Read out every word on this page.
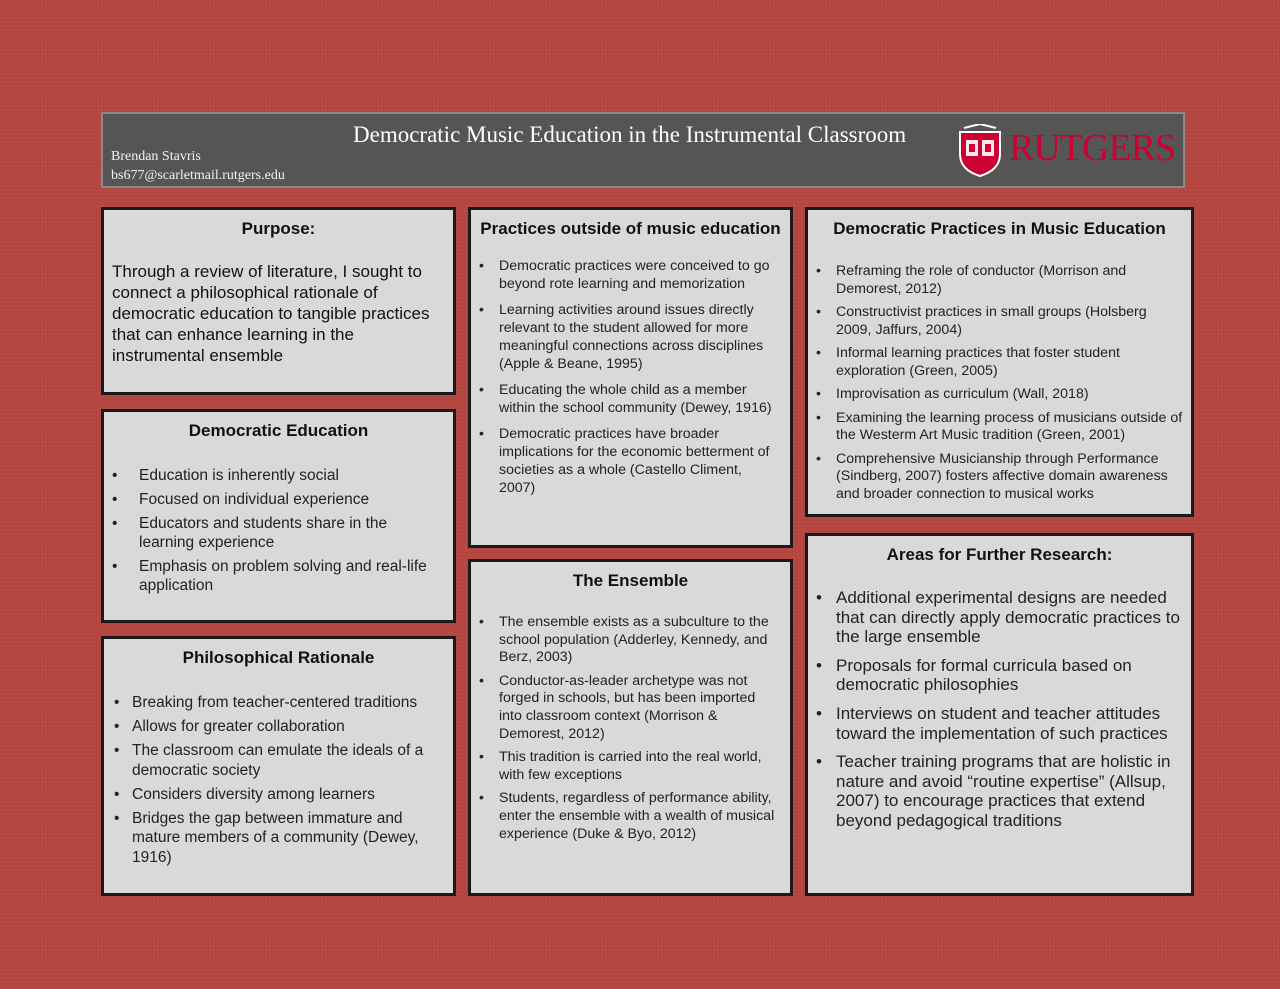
Democratic Music Education in the Instrumental Classroom
Brendan Stavris
bs677@scarletmail.rutgers.edu
RUTGERS
Purpose:
Through a review of literature, I sought to connect a philosophical rationale of democratic education to tangible practices that can enhance learning in the instrumental ensemble
Democratic Education
• Education is inherently social
• Focused on individual experience
• Educators and students share in the learning experience
• Emphasis on problem solving and real-life application
Philosophical Rationale
• Breaking from teacher-centered traditions
• Allows for greater collaboration
• The classroom can emulate the ideals of a democratic society
• Considers diversity among learners
• Bridges the gap between immature and mature members of a community (Dewey, 1916)
Practices outside of music education
• Democratic practices were conceived to go beyond rote learning and memorization
• Learning activities around issues directly relevant to the student allowed for more meaningful connections across disciplines (Apple & Beane, 1995)
• Educating the whole child as a member within the school community (Dewey, 1916)
• Democratic practices have broader implications for the economic betterment of societies as a whole (Castello Climent, 2007)
The Ensemble
• The ensemble exists as a subculture to the school population (Adderley, Kennedy, and Berz, 2003)
• Conductor-as-leader archetype was not forged in schools, but has been imported into classroom context (Morrison & Demorest, 2012)
• This tradition is carried into the real world, with few exceptions
• Students, regardless of performance ability, enter the ensemble with a wealth of musical experience (Duke & Byo, 2012)
Democratic Practices in Music Education
• Reframing the role of conductor (Morrison and Demorest, 2012)
• Constructivist practices in small groups (Holsberg 2009, Jaffurs, 2004)
• Informal learning practices that foster student exploration (Green, 2005)
• Improvisation as curriculum (Wall, 2018)
• Examining the learning process of musicians outside of the Westerm Art Music tradition (Green, 2001)
• Comprehensive Musicianship through Performance (Sindberg, 2007) fosters affective domain awareness and broader connection to musical works
Areas for Further Research:
• Additional experimental designs are needed that can directly apply democratic practices to the large ensemble
• Proposals for formal curricula based on democratic philosophies
• Interviews on student and teacher attitudes toward the implementation of such practices
• Teacher training programs that are holistic in nature and avoid “routine expertise” (Allsup, 2007) to encourage practices that extend beyond pedagogical traditions
